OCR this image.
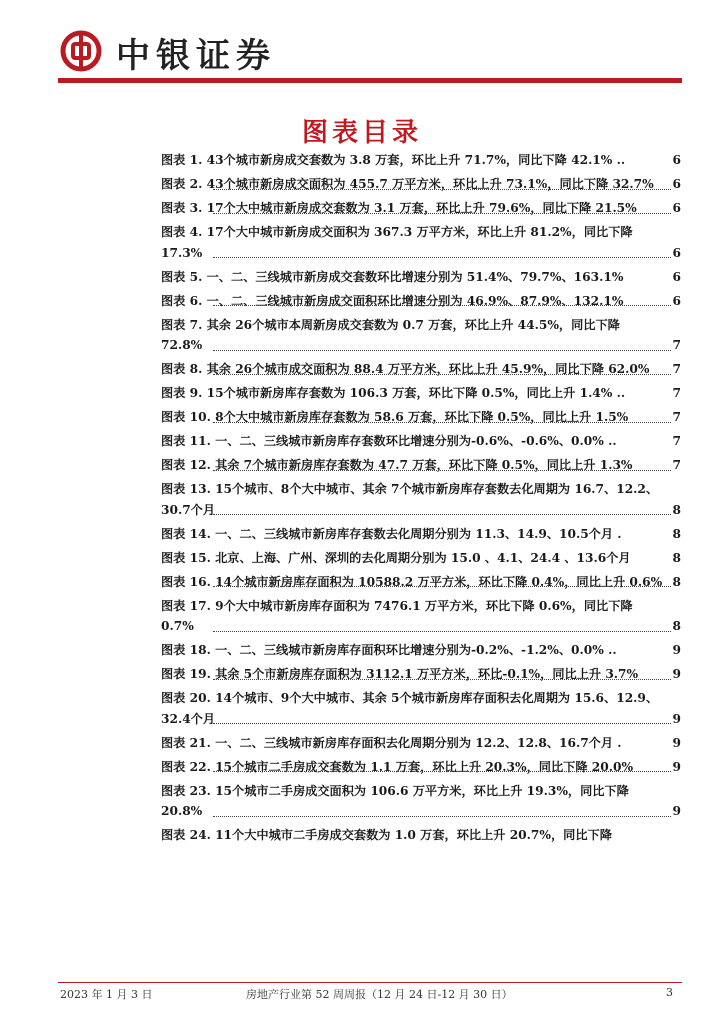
中银证券
图表目录
图表 1. 43个城市新房成交套数为 3.8 万套，环比上升 71.7%，同比下降 42.1% ..	6
图表 2. 43个城市新房成交面积为 455.7 万平方米，环比上升 73.1%，同比下降 32.7%	6
图表 3. 17个大中城市新房成交套数为 3.1 万套，环比上升 79.6%，同比下降 21.5%	6
图表 4. 17个大中城市新房成交面积为 367.3 万平方米，环比上升 81.2%，同比下降 17.3%	6
图表 5. 一、二、三线城市新房成交套数环比增速分别为 51.4%、79.7%、163.1%	6
图表 6. 一、二、三线城市新房成交面积环比增速分别为 46.9%、87.9%、132.1%	6
图表 7. 其余 26个城市本周新房成交套数为 0.7 万套，环比上升 44.5%，同比下降 72.8%	7
图表 8. 其余 26个城市成交面积为 88.4 万平方米，环比上升 45.9%，同比下降 62.0%	7
图表 9. 15个城市新房库存套数为 106.3 万套，环比下降 0.5%，同比上升 1.4% ..	7
图表 10. 8个大中城市新房库存套数为 58.6 万套，环比下降 0.5%，同比上升 1.5%	7
图表 11. 一、二、三线城市新房库存套数环比增速分别为-0.6%、-0.6%、0.0% ..	7
图表 12. 其余 7个城市新房库存套数为 47.7 万套，环比下降 0.5%，同比上升 1.3%	7
图表 13. 15个城市、8个大中城市、其余 7个城市新房库存套数去化周期为 16.7、12.2、30.7个月	8
图表 14. 一、二、三线城市新房库存套数去化周期分别为 11.3、14.9、10.5个月 .	8
图表 15. 北京、上海、广州、深圳的去化周期分别为 15.0 、4.1、24.4 、13.6个月	8
图表 16. 14个城市新房库存面积为 10588.2 万平方米，环比下降 0.4%，同比上升 0.6% 8
图表 17. 9个大中城市新房库存面积为 7476.1 万平方米，环比下降 0.6%，同比下降 0.7%	8
图表 18. 一、二、三线城市新房库存面积环比增速分别为-0.2%、-1.2%、0.0% ..	9
图表 19. 其余 5个市新房库存面积为 3112.1 万平方米，环比-0.1%，同比上升 3.7%	9
图表 20. 14个城市、9个大中城市、其余 5个城市新房库存面积去化周期为 15.6、12.9、32.4个月	9
图表 21. 一、二、三线城市新房库存面积去化周期分别为 12.2、12.8、16.7个月 .	9
图表 22. 15个城市二手房成交套数为 1.1 万套，环比上升 20.3%，同比下降 20.0%	9
图表 23. 15个城市二手房成交面积为 106.6 万平方米，环比上升 19.3%，同比下降 20.8%	9
图表 24. 11个大中城市二手房成交套数为 1.0 万套，环比上升 20.7%，同比下降
2023 年 1 月 3 日	房地产行业第 52 周周报（12 月 24 日-12 月 30 日）	3
